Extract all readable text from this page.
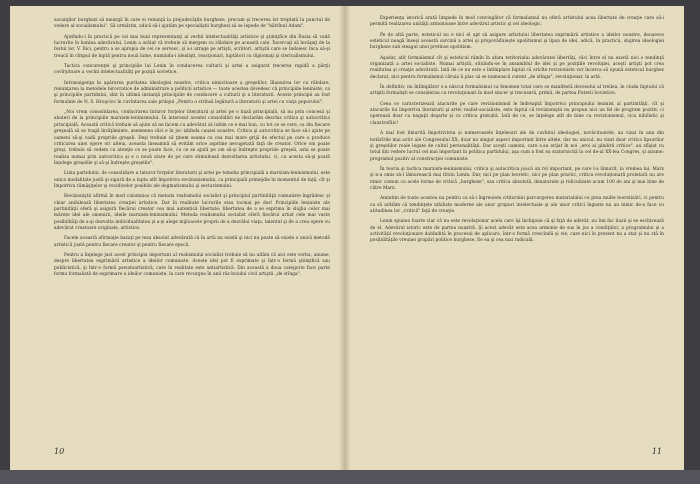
savanţilor burghezi să meargă în care ei renunţă la prejudecăţile burgheze, precum şi trecerea lor treptată la punctul de vedere al socialismului". Să urmărim, adică să-i ajutăm pe specialiştii burghezi să se lepede de "bătrînul Adam".

Ajutîndu-i în practică pe cei mai buni reprezentanţi ai vechii intelectualităţi artistice şi ştiinţifice din Rusia să vadă lucrurile în lumina adevărului, Lenin a arătat că trebuie să mergem cu răbdare pe această cale. Încercaţi să învăţaţi de la fostul lor, V. Ilici, pentru a se apropia de cei ce servesc, şi a-i atrage pe artişti, scriitori, artiştii care se îndoiesc înca să-şi treacă în cîmpul de luptă pentru nouă lume, numindu-i idealişti, reacţionari, luptători cu diplomaţi şi clericalismului.

Tactica concurenţei şi principiile lui Lenin în conducerea culturii şi artei a asigurat trecerea rapidă a părţii covîrşitoare a vechii intelectualităţi pe poziţii sovietice.

Intransigenţa în apărarea puritatea ideologiei noastre, critica nimicitoare a greşelilor, îllanuirea lor cu răbdare, renunţarea la metodele birocratice de administrare a politicii artistice — toate acestea dovedesc că principiile leniniste, ca şi principiile partidului, sînt în ultimă instanţă principiile de conducere a culturii şi a literaturii. Aceste principii au fost formulate de N. S. Hruşciov în cuvîntarea sale prilejul „Pentru o strînsă legătură a literaturii şi artei cu viaţa poporului".

„Noi vrem consolidarea, conlucrarea tuturor forţelor literaturii şi artei pe o bază principială, să nu prin concesii şi abateri de la principiile marxism-leninismului. În interesul acestei consolidări ne declarăm deschis critica şi autocritica principială. Această critică trebuie să ajute să ne facem cu adevărat să iubim ce e mai bun, cu tot ce se cere, ca din fiecare greşeală să se tragă învăţăminte, asemenea căci e în joc izbînda cauzei noastre. Critica şi autocritica se face să-i ajute pe oameni să-şi vadă propriile greşeli. Deşi trebuie să ţinem seama cu cea mai mare grijă de efectul pe care o produce criticarea unei opere ori alteia, aceasta înseamnă să evităm orice asprime necugetată faţă de creator. Orice om poate greşi, trebuie să vedem cu atenţie ce se poate face, cu ce se ajută pe om să-şi îndrepte propriile greşeli, asta se poate realiza numai prin autocritica şi e o nouă stare de pe care stimulează dezvoltarea artistului, ci, ca acesta să-şi poată înţelege greşelile şi să-şi îndrepte greşelile".

Linia partidului, de consolidare a tuturor forţelor literaturii şi artei pe temelia principială a marxism-leninismului, este unica modalitate justă şi sigură de a lupta atît împotriva revizionismului, ca principală primejdie în momentul de faţă, cît şi împotriva rămăşiţelor şi recidivelor posibile ale dogmatismului şi sectarismului.

Revizioniştii afirmă în mod calomnios că metoda realismului socialist şi principiul partinităţii comuniste îngrădesc şi chiar anihilează libertatea creaţiei artistice. Dar în realitate lucrurile stau tocmai pe dos! Principiile leniniste ale partinităţii oferă şi asigură fiecărui creator cea mai autentică libertate: libertatea de a se exprima în slujba celor mai mărețe idei ale omenirii, ideile marxism-leninismului. Metoda realismului socialist oferă fiecărui artist cele mai vaste posibilităţi de a-şi dezvolta individualitatea şi a-şi alege mijloacele proprii de a dezvălui viaţa, talentul şi de a crea opere cu adevărat creatoare originale, artistice.

Facem această afirmaţie bazaţi pe teza absolut adevărată că în artă nu există şi nici nu poate să existe o unică metodă artistică justă pentru fiecare creator şi pentru fiecare epocă.

Pentru a înţelege just acest principiu important al realismului socialist trebuie să nu uităm că aici este vorba, anume, despre libertatea exprimării artistice a ideilor comuniste. Aceste idei pot fi exprimate şi într-o formă ştiinţifică sau publicistică, şi într-o formă pseudoartistică, care în realitate este antiartistică. Din această a doua categorie face parte forma formalistă de exprimare a ideilor comuniste, la care recurgea în anii răz-boiului civil artiştii „de stînga".

10

Experienţa istorică arată limpede în mod convingător că formalismul nu oferă artistului acea libertate de creaţie care să-i permită realizarea unităţii armonioase între adevărul artistic şi cel ideologic.

Pe de altă parte, esteticul nu e nici el apt să asigure artistului libertatea exprimării artistice a ideilor noastre, deoarece esteticul neagă înseşi această sarcină a artei şi propovăduieşte apolitismul şi lipsa de idei, adică, în practică, slujirea ideologiei burgheze sub steagul unei pretinse apolitism.

Aşadar, atît formalismul cît şi esteticul rămîn în afara teritoriului adevăratei libertăţi, căci între el nu există nici o tendinţă organizată a artei socialiste. Numai artiştii, situîndu-se în ansamblul de idei şi pe poziţiile revoluţiei, aceşti artişti pot crea realitatea şi creaţie adevărată. Iată de ce nu este o întîmplare faptul că oricîte revizioniste vor încerca să opună esteticul burghez declarat, nici pentru formalismul căruia îi plac să se numească curent „de stînga", revoluţionar, în artă.

În definitiv, nu întîmplător s-a născut formalismul ca fenomen total care se manifestă decesului al treilea, în ciuda faptului că artiştii formalişti se considerau ca revoluţionari în mod sincer şi trecuseră, primii, de partea Puterii Sovietice.

Ceea ce caracterizează atacurile pe care revizionismul le îndreaptă împotriva principiului leninist al partinităţii, cît şi atacurile lui împotriva literaturii şi artei realist-socialiste, este faptul că revizioniştii nu propun nici un fel de program pozitiv, ci operează doar cu negaţii deşarte şi cu critica gratuită. Iată de ce, se înţelege atît de bine cu revizionismul, cica nihilistic şi claustrofilic!

A mai fost limurită împotrivirea și numeroasele înţelesuri ale de cuvîntul ideologiei, novăcitoarele, au vizat în una din hotărîrile mai activ ale Congresului XX, doar nu singur aspect important între altele, dar nu unicul: nu vizat doar critica lipsurilor şi greşelilor reale legate de cultul personalităţii. Dar aceşti oameni, care s-au erijat în noi „eroi ai gîndirii critice", au sfîşiat cu totul din vedere lucrul cel mai important în politica partidului, aşa cum a fost ea statornicită la cel de-al XX-lea Congres, şi anume: programul pozitiv al construcţiei comuniste.

În teoria şi tactica marxism-leninismului, critica şi autocritica joacă un rol important, pe care l-a lămurit, la vremea lui, Marx şi n-a omis să-l lămurească mai tîrziu Lenin. Dar, nici pe plan teoretic, nici pe plan practic, critica revoluţionară proletară nu are nimic comun cu acele forme de critică „burgheze", sau critica absolută, denaturate şi ridiculizate acum 100 de ani şi mai bine de către Marx.

Amintim de toate acestea nu pentru ca să-i îngreuiem cititorului parcurgerea materialului cu prea multe teoretizări, ci pentru ca să arătăm că tendinţele nihiliste moderne ale unor grupuri intelectuale şi ale unor critici înguste nu au nimic de-a face cu atitudinea lor „critică" faţă de creaţie.

Lenin spunea foarte clar că nu este revoluţionar acela care îşi închipuie că şi faţă de adevăr, nu îmi fac iluzii şi se eschivează de el. Adevărul istoric este de partea noastră. Şi acest adevăr este acea armonie de sus în jos a condiţiilor, a programului şi a activităţii revoluţionare dobîndită în procesul de aplicare, într-o formă crescîndă şi vie, care nici în prezent nu a stat şi nu stă în posibilităţile vreunei grupări politice burgheze, fie ea şi cea mai radicală.

11
